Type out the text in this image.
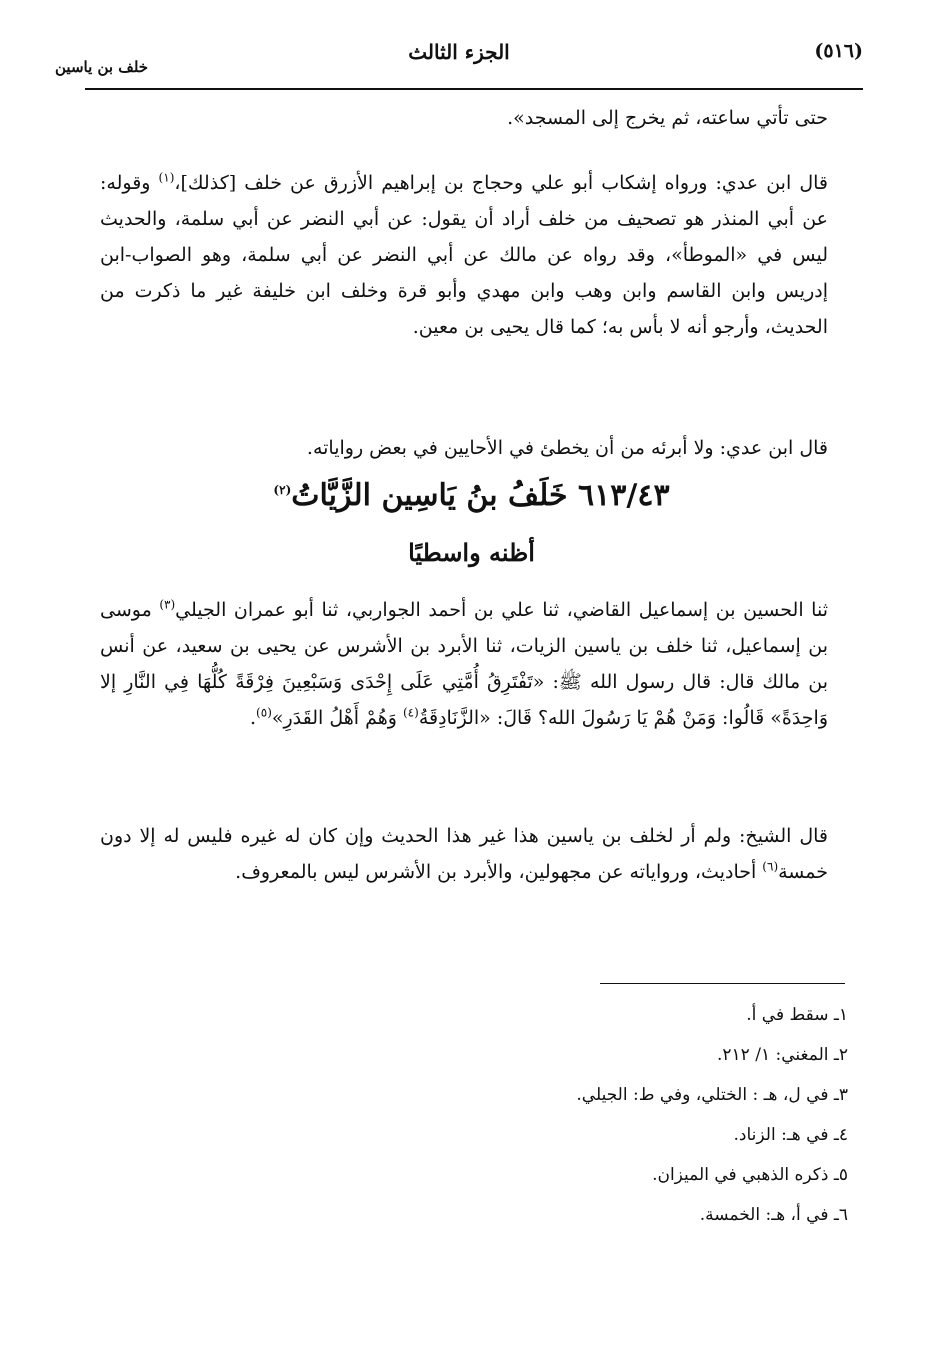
(٥١٦)
الجزء الثالث
خلف بن ياسين
حتى تأتي ساعته، ثم يخرج إلى المسجد».
قال ابن عدي: ورواه إشكاب أبو علي وحجاج بن إبراهيم الأزرق عن خلف [كذلك]،$^{(١)}$ وقوله: عن أبي المنذر هو تصحيف من خلف أراد أن يقول: عن أبي النضر عن أبي سلمة، والحديث ليس في «الموطأ»، وقد رواه عن مالك عن أبي النضر عن أبي سلمة، وهو الصواب-ابن إدريس وابن القاسم وابن وهب وابن مهدي وأبو قرة وخلف ابن خليفة غير ما ذكرت من الحديث، وأرجو أنه لا بأس به؛ كما قال يحيى بن معين.
قال ابن عدي: ولا أبرئه من أن يخطئ في الأحايين في بعض رواياته.
٦١٣/٤٣ خَلَفُ بنُ يَاسِين الزَّيَّاتُ$^{(٢)}$
أظنه واسطيًا
ثنا الحسين بن إسماعيل القاضي، ثنا علي بن أحمد الجواربي، ثنا أبو عمران الجيلي$^{(٣)}$ موسى بن إسماعيل، ثنا خلف بن ياسين الزيات، ثنا الأبرد بن الأشرس عن يحيى بن سعيد، عن أنس بن مالك قال: قال رسول الله ﷺ: «تَفْتَرِقُ أُمَّتِي عَلَى إِحْدَى وَسَبْعِينَ فِرْقَةً كُلُّهَا فِي النَّارِ إلا وَاحِدَةً» قَالُوا: وَمَنْ هُمْ يَا رَسُولَ الله؟ قَالَ: «الزَّنَادِقَةُ$^{(٤)}$ وَهُمْ أَهْلُ القَدَرِ»$^{(٥)}$.
قال الشيخ: ولم أر لخلف بن ياسين هذا غير هذا الحديث وإن كان له غيره فليس له إلا دون خمسة$^{(٦)}$ أحاديث، ورواياته عن مجهولين، والأبرد بن الأشرس ليس بالمعروف.
١ـ سقط في أ.
٢ـ المغني: ١/ ٢١٢.
٣ـ في ل، هـ : الختلي، وفي ط: الجيلي.
٤ـ في هـ: الزناد.
٥ـ ذكره الذهبي في الميزان.
٦ـ في أ، هـ: الخمسة.
